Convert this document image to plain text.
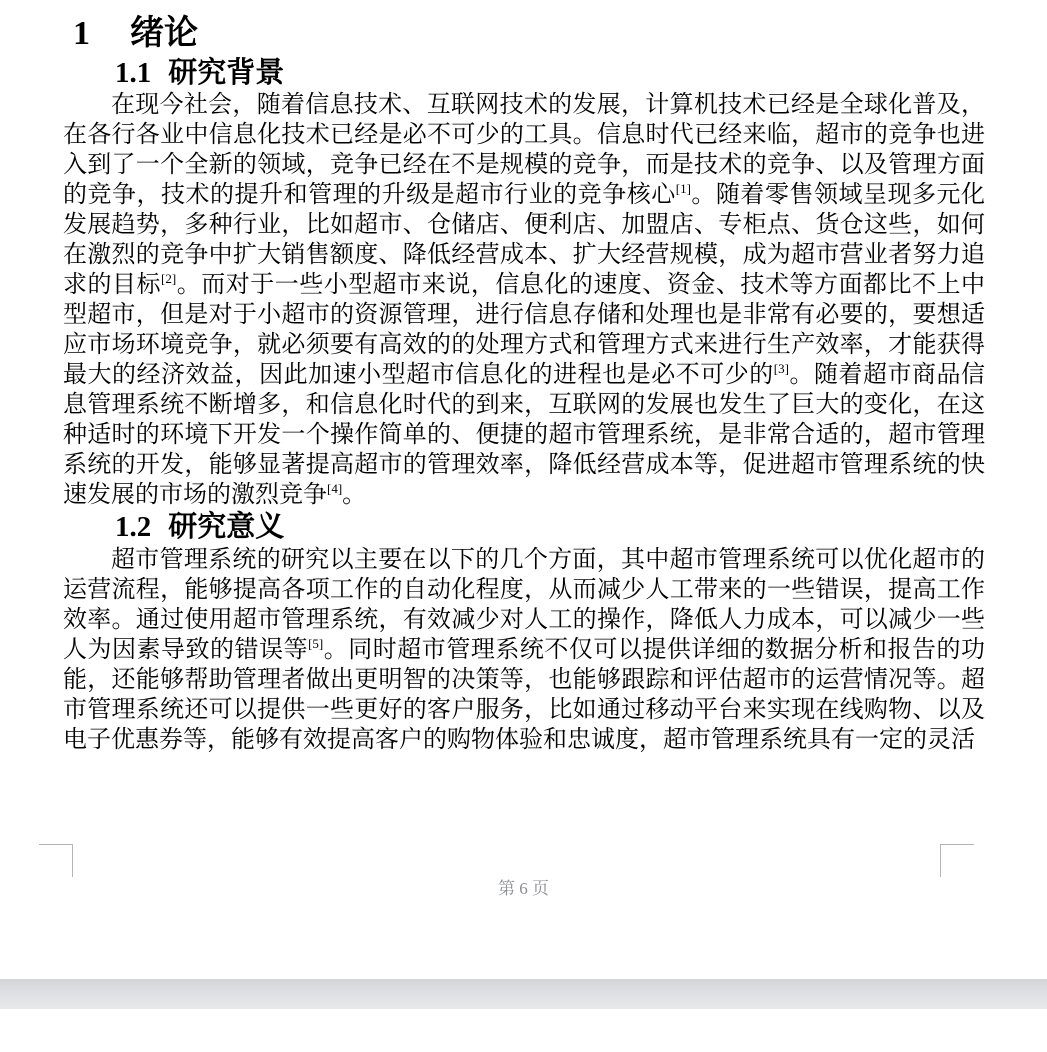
1 绪论
1.1 研究背景

在现今社会，随着信息技术、互联网技术的发展，计算机技术已经是全球化普及，在各行各业中信息化技术已经是必不可少的工具。信息时代已经来临，超市的竞争也进入到了一个全新的领域，竞争已经在不是规模的竞争，而是技术的竞争、以及管理方面的竞争，技术的提升和管理的升级是超市行业的竞争核心[1]。随着零售领域呈现多元化发展趋势，多种行业，比如超市、仓储店、便利店、加盟店、专柜点、货仓这些，如何在激烈的竞争中扩大销售额度、降低经营成本、扩大经营规模，成为超市营业者努力追求的目标[2]。而对于一些小型超市来说，信息化的速度、资金、技术等方面都比不上中型超市，但是对于小超市的资源管理，进行信息存储和处理也是非常有必要的，要想适应市场环境竞争，就必须要有高效的的处理方式和管理方式来进行生产效率，才能获得最大的经济效益，因此加速小型超市信息化的进程也是必不可少的[3]。随着超市商品信息管理系统不断增多，和信息化时代的到来，互联网的发展也发生了巨大的变化，在这种适时的环境下开发一个操作简单的、便捷的超市管理系统，是非常合适的，超市管理系统的开发，能够显著提高超市的管理效率，降低经营成本等，促进超市管理系统的快速发展的市场的激烈竞争[4]。

1.2 研究意义

超市管理系统的研究以主要在以下的几个方面，其中超市管理系统可以优化超市的运营流程，能够提高各项工作的自动化程度，从而减少人工带来的一些错误，提高工作效率。通过使用超市管理系统，有效减少对人工的操作，降低人力成本，可以减少一些人为因素导致的错误等[5]。同时超市管理系统不仅可以提供详细的数据分析和报告的功能，还能够帮助管理者做出更明智的决策等，也能够跟踪和评估超市的运营情况等。超市管理系统还可以提供一些更好的客户服务，比如通过移动平台来实现在线购物、以及电子优惠券等，能够有效提高客户的购物体验和忠诚度，超市管理系统具有一定的灵活

第 6 页
